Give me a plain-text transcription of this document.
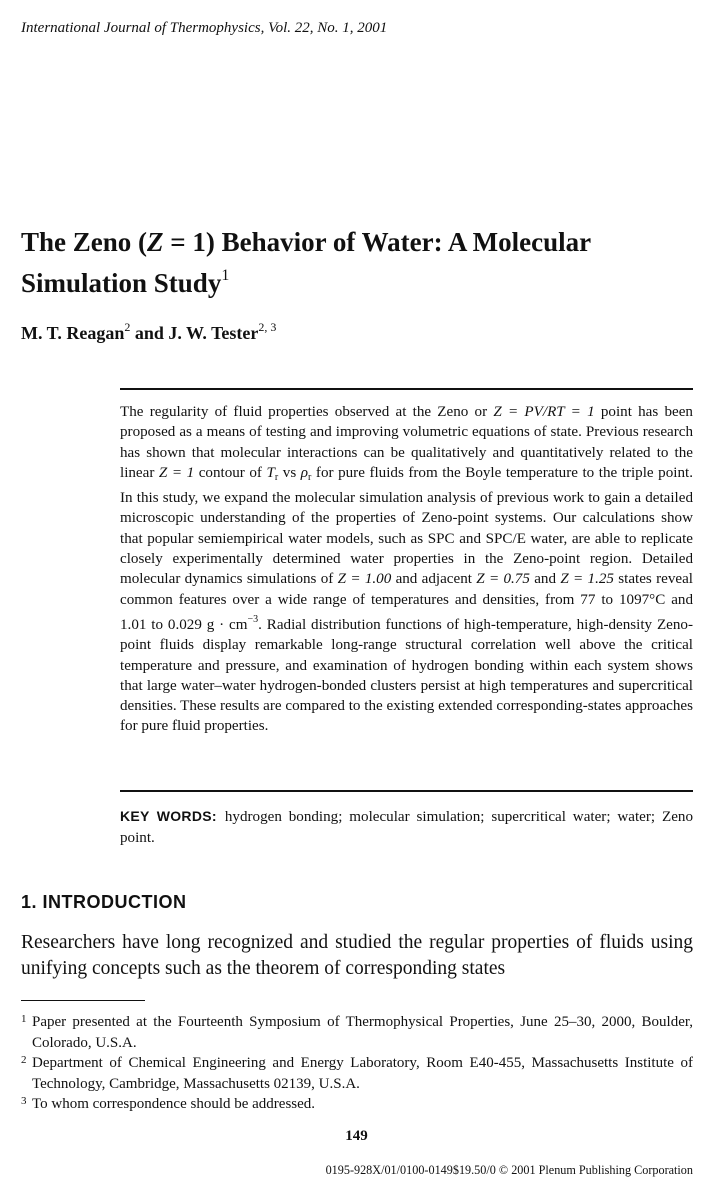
International Journal of Thermophysics, Vol. 22, No. 1, 2001
The Zeno (Z = 1) Behavior of Water: A Molecular Simulation Study$^1$
M. T. Reagan$^2$ and J. W. Tester$^{2, 3}$
The regularity of fluid properties observed at the Zeno or Z = PV/RT = 1 point has been proposed as a means of testing and improving volumetric equations of state. Previous research has shown that molecular interactions can be qualitatively and quantitatively related to the linear Z = 1 contour of $T_r$ vs $\rho_r$ for pure fluids from the Boyle temperature to the triple point. In this study, we expand the molecular simulation analysis of previous work to gain a detailed microscopic understanding of the properties of Zeno-point systems. Our calculations show that popular semiempirical water models, such as SPC and SPC/E water, are able to replicate closely experimentally determined water properties in the Zeno-point region. Detailed molecular dynamics simulations of Z = 1.00 and adjacent Z = 0.75 and Z = 1.25 states reveal common features over a wide range of temperatures and densities, from 77 to 1097°C and 1.01 to 0.029 $g \cdot cm^{-3}$. Radial distribution functions of high-temperature, high-density Zeno-point fluids display remarkable long-range structural correlation well above the critical temperature and pressure, and examination of hydrogen bonding within each system shows that large water–water hydrogen-bonded clusters persist at high temperatures and supercritical densities. These results are compared to the existing extended corresponding-states approaches for pure fluid properties.
KEY WORDS: hydrogen bonding; molecular simulation; supercritical water; water; Zeno point.
1. INTRODUCTION
Researchers have long recognized and studied the regular properties of fluids using unifying concepts such as the theorem of corresponding states
1 Paper presented at the Fourteenth Symposium of Thermophysical Properties, June 25–30, 2000, Boulder, Colorado, U.S.A.
2 Department of Chemical Engineering and Energy Laboratory, Room E40-455, Massachusetts Institute of Technology, Cambridge, Massachusetts 02139, U.S.A.
3 To whom correspondence should be addressed.
149
0195-928X/01/0100-0149$19.50/0 © 2001 Plenum Publishing Corporation
